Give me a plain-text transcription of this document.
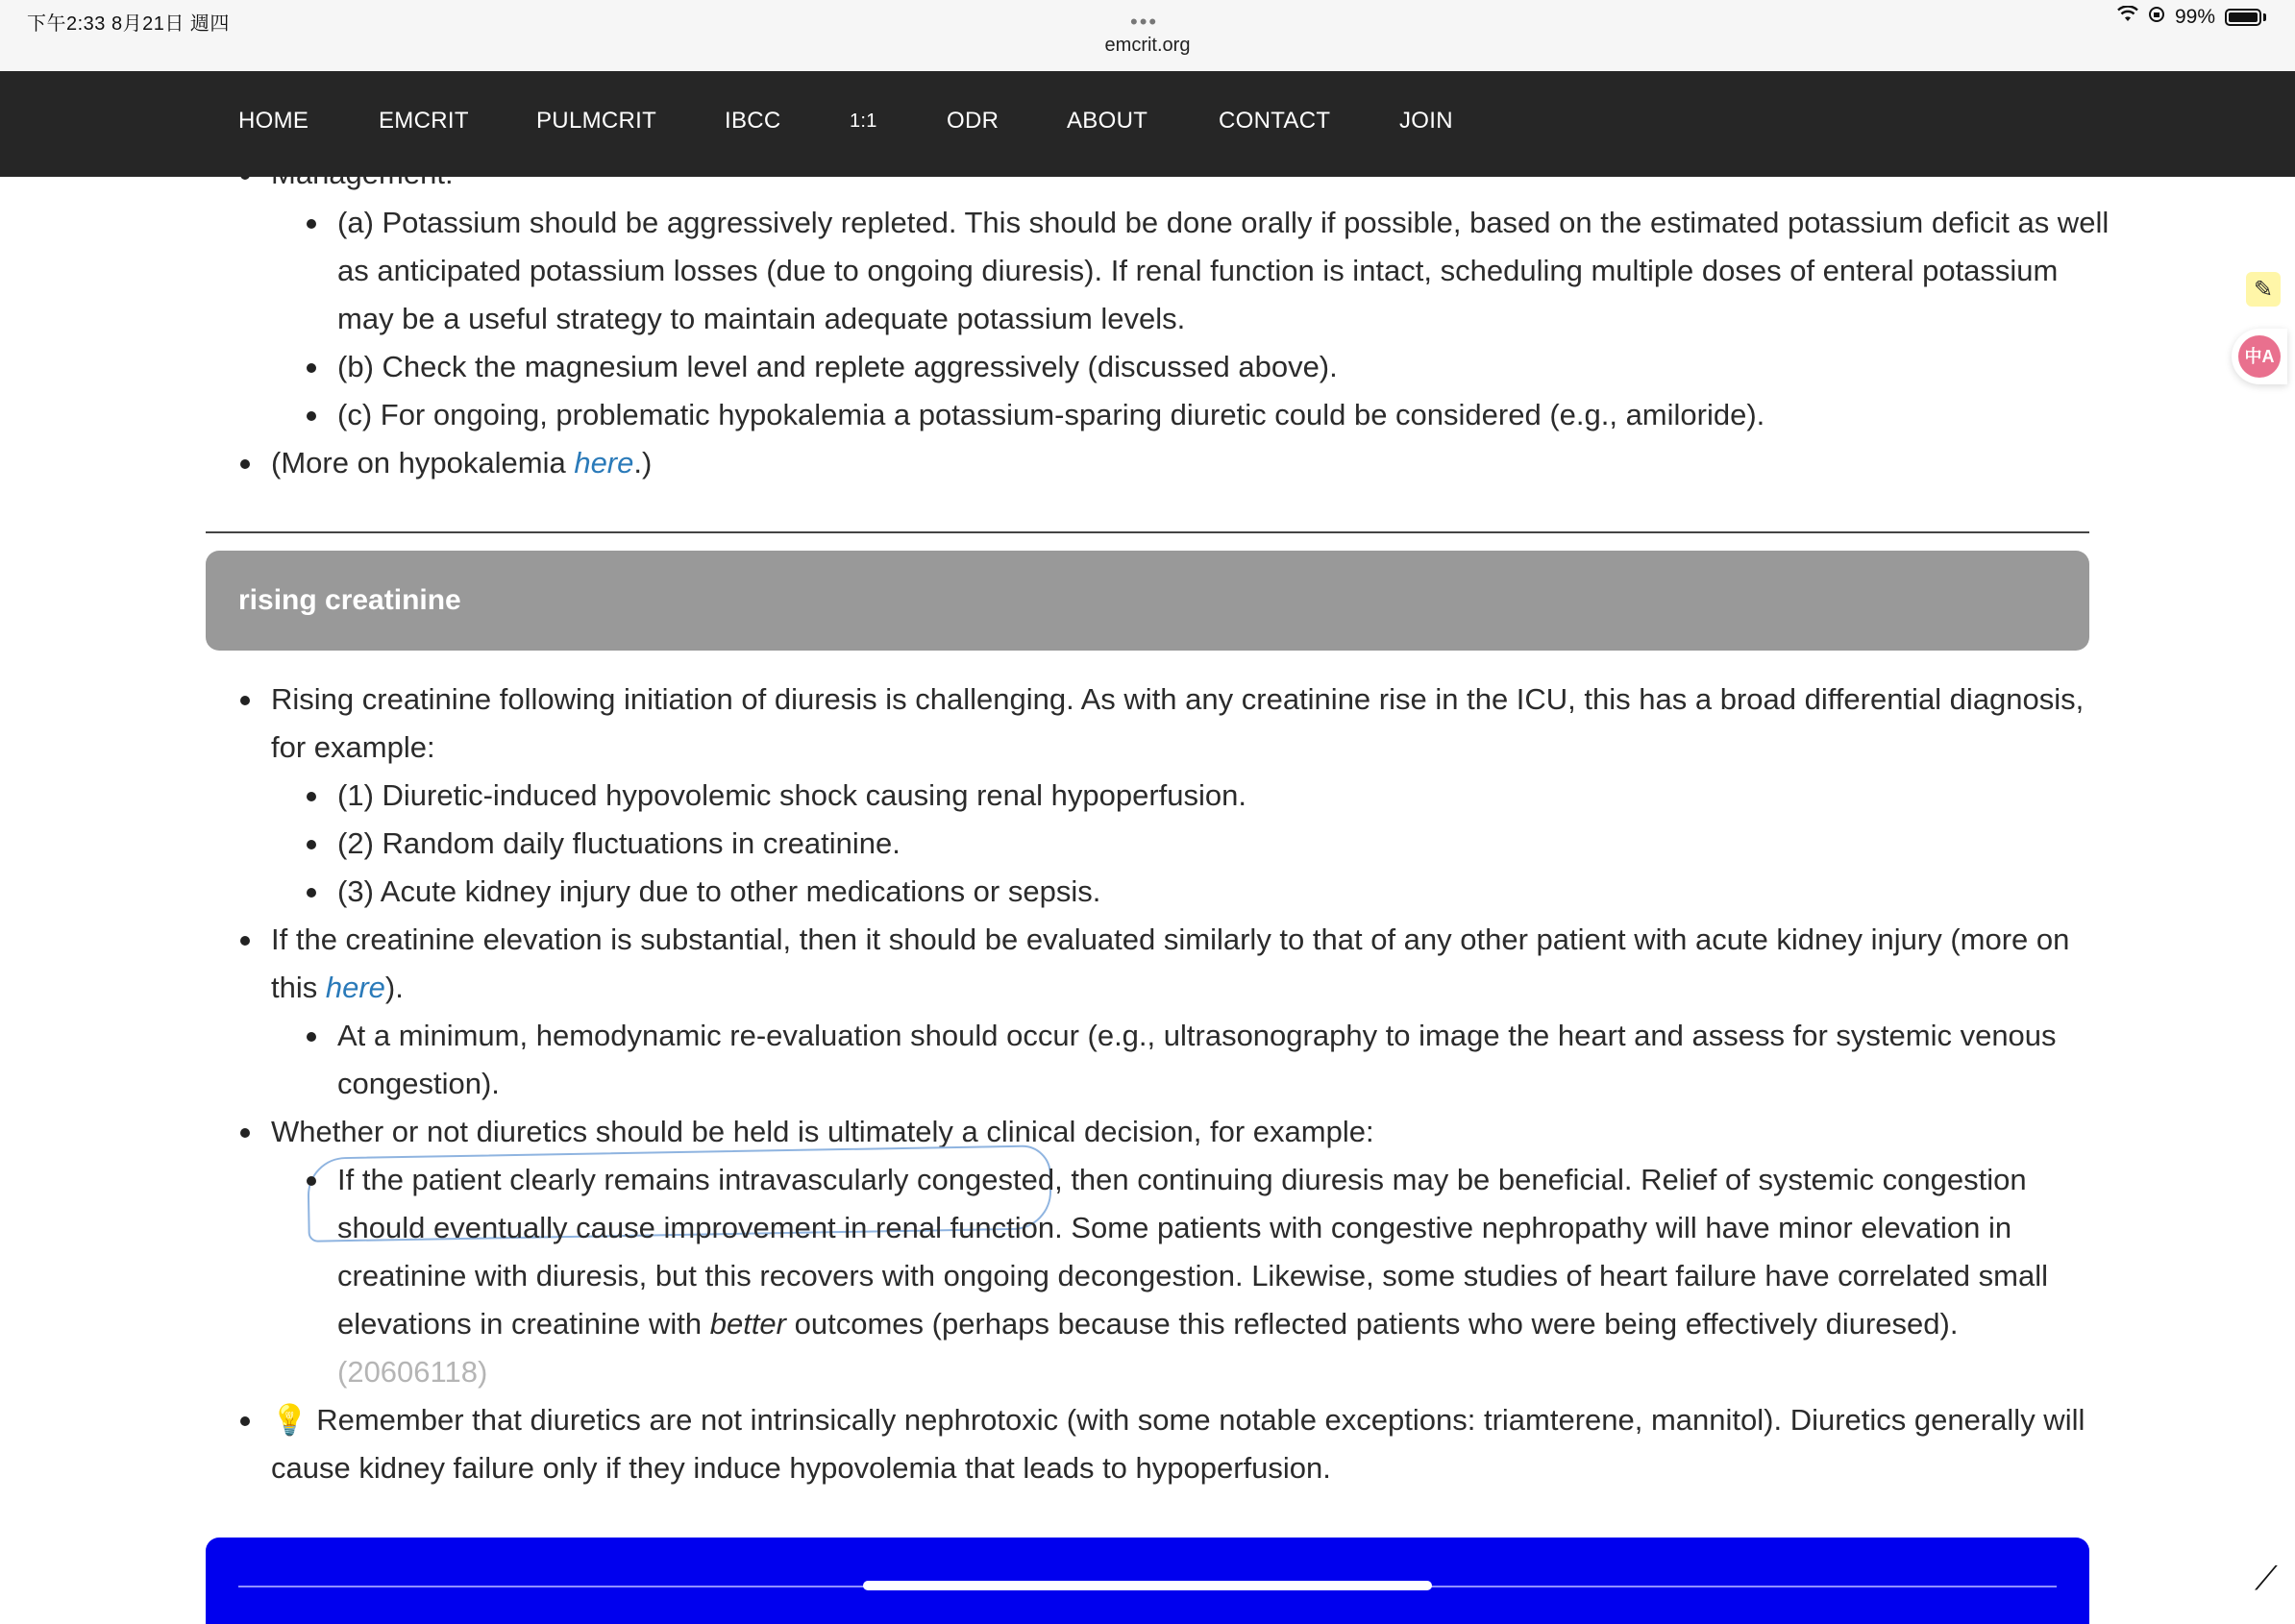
下午2:33 8月21日 週四	•••
emcrit.org
99%
HOME	EMCRIT	PULMCRIT	IBCC	1:1	ODR	ABOUT	CONTACT	JOIN
(a) Potassium should be aggressively repleted. This should be done orally if possible, based on the estimated potassium deficit as well
as anticipated potassium losses (due to ongoing diuresis). If renal function is intact, scheduling multiple doses of enteral potassium
may be a useful strategy to maintain adequate potassium levels.
(b) Check the magnesium level and replete aggressively (discussed above).
(c) For ongoing, problematic hypokalemia a potassium-sparing diuretic could be considered (e.g., amiloride).
(More on hypokalemia here.)
rising creatinine
Rising creatinine following initiation of diuresis is challenging. As with any creatinine rise in the ICU, this has a broad differential diagnosis,
for example:
(1) Diuretic-induced hypovolemic shock causing renal hypoperfusion.
(2) Random daily fluctuations in creatinine.
(3) Acute kidney injury due to other medications or sepsis.
If the creatinine elevation is substantial, then it should be evaluated similarly to that of any other patient with acute kidney injury (more on
this here).
At a minimum, hemodynamic re-evaluation should occur (e.g., ultrasonography to image the heart and assess for systemic venous
congestion).
Whether or not diuretics should be held is ultimately a clinical decision, for example:
If the patient clearly remains intravascularly congested, then continuing diuresis may be beneficial. Relief of systemic congestion
should eventually cause improvement in renal function. Some patients with congestive nephropathy will have minor elevation in
creatinine with diuresis, but this recovers with ongoing decongestion. Likewise, some studies of heart failure have correlated small
elevations in creatinine with better outcomes (perhaps because this reflected patients who were being effectively diuresed).
(20606118)
💡 Remember that diuretics are not intrinsically nephrotoxic (with some notable exceptions: triamterene, mannitol). Diuretics generally will
cause kidney failure only if they induce hypovolemia that leads to hypoperfusion.
✎
中A
⟋
